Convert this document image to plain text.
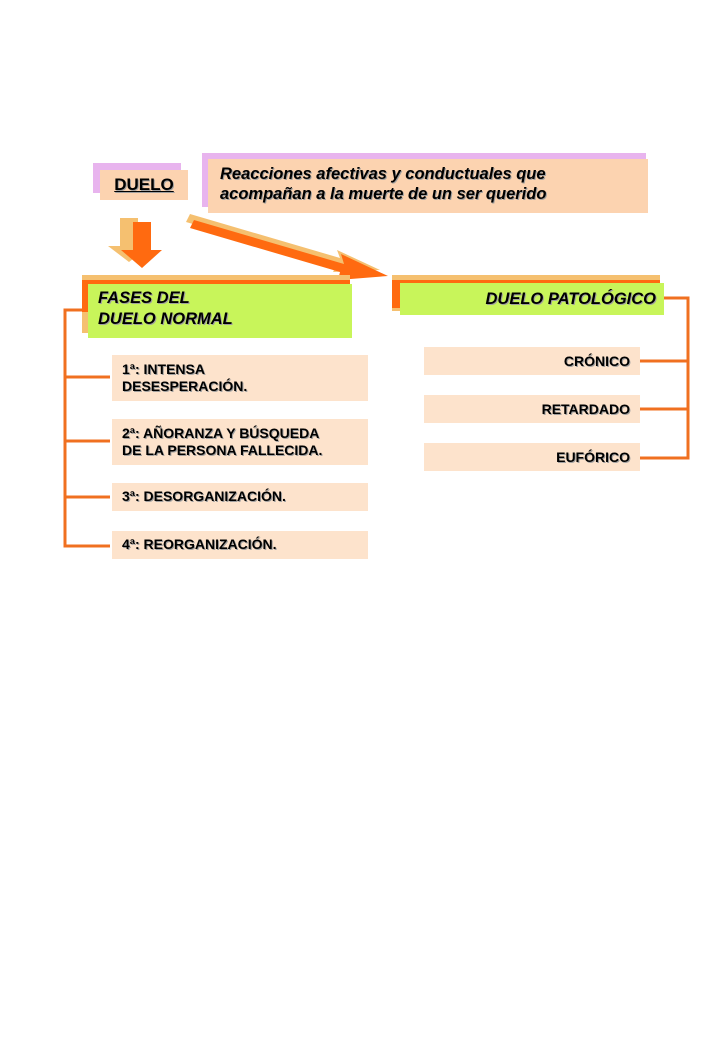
DUELO
Reacciones afectivas y conductuales que
acompañan a la muerte de un ser querido
FASES DEL
DUELO NORMAL
DUELO PATOLÓGICO
1ª: INTENSA
DESESPERACIÓN.
2ª: AÑORANZA Y BÚSQUEDA
DE LA PERSONA FALLECIDA.
3ª: DESORGANIZACIÓN.
4ª: REORGANIZACIÓN.
CRÓNICO
RETARDADO
EUFÓRICO
